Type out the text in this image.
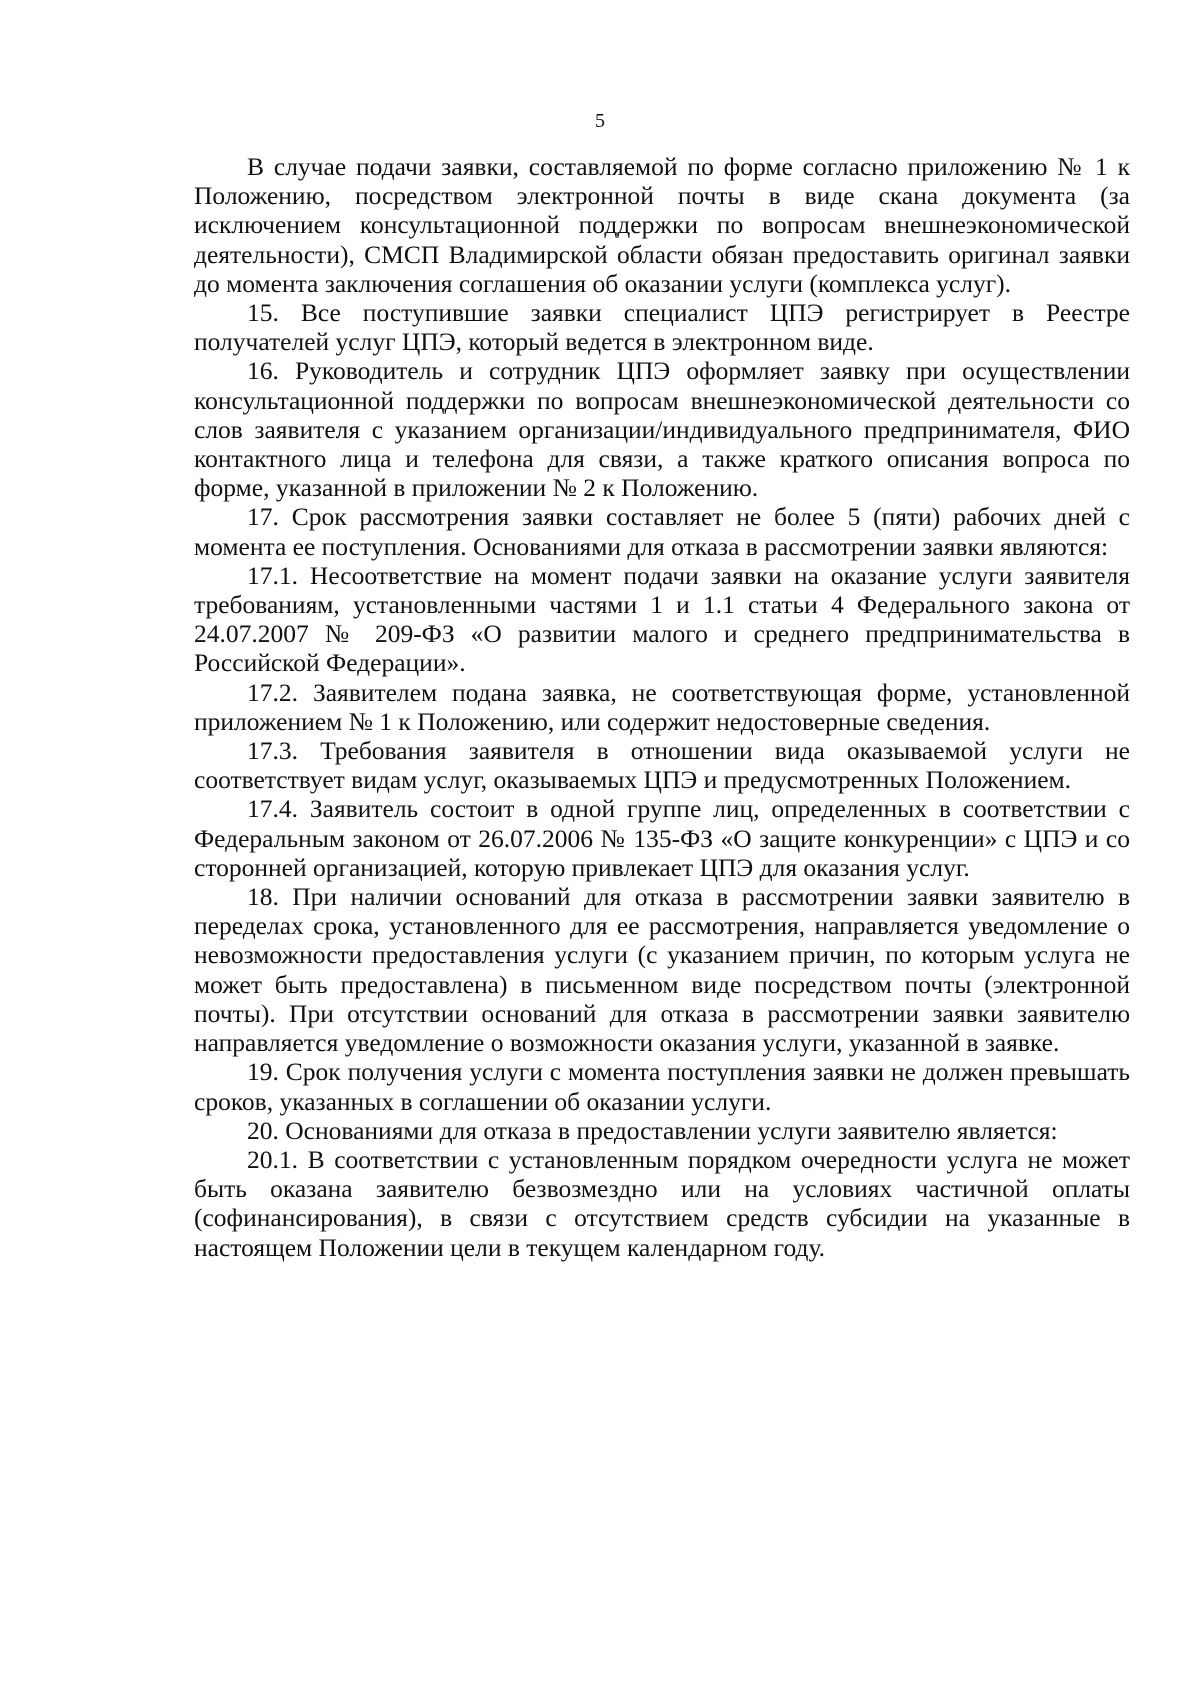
5

В случае подачи заявки, составляемой по форме согласно приложению № 1 к Положению, посредством электронной почты в виде скана документа (за исключением консультационной поддержки по вопросам внешнеэкономической деятельности), СМСП Владимирской области обязан предоставить оригинал заявки до момента заключения соглашения об оказании услуги (комплекса услуг).

15. Все поступившие заявки специалист ЦПЭ регистрирует в Реестре получателей услуг ЦПЭ, который ведется в электронном виде.

16. Руководитель и сотрудник ЦПЭ оформляет заявку при осуществлении консультационной поддержки по вопросам внешнеэкономической деятельности со слов заявителя с указанием организации/индивидуального предпринимателя, ФИО контактного лица и телефона для связи, а также краткого описания вопроса по форме, указанной в приложении № 2 к Положению.

17. Срок рассмотрения заявки составляет не более 5 (пяти) рабочих дней с момента ее поступления. Основаниями для отказа в рассмотрении заявки являются:

17.1. Несоответствие на момент подачи заявки на оказание услуги заявителя требованиям, установленными частями 1 и 1.1 статьи 4 Федерального закона от 24.07.2007 № 209-ФЗ «О развитии малого и среднего предпринимательства в Российской Федерации».

17.2. Заявителем подана заявка, не соответствующая форме, установленной приложением № 1 к Положению, или содержит недостоверные сведения.

17.3. Требования заявителя в отношении вида оказываемой услуги не соответствует видам услуг, оказываемых ЦПЭ и предусмотренных Положением.

17.4. Заявитель состоит в одной группе лиц, определенных в соответствии с Федеральным законом от 26.07.2006 № 135-ФЗ «О защите конкуренции» с ЦПЭ и со сторонней организацией, которую привлекает ЦПЭ для оказания услуг.

18. При наличии оснований для отказа в рассмотрении заявки заявителю в переделах срока, установленного для ее рассмотрения, направляется уведомление о невозможности предоставления услуги (с указанием причин, по которым услуга не может быть предоставлена) в письменном виде посредством почты (электронной почты). При отсутствии оснований для отказа в рассмотрении заявки заявителю направляется уведомление о возможности оказания услуги, указанной в заявке.

19. Срок получения услуги с момента поступления заявки не должен превышать сроков, указанных в соглашении об оказании услуги.

20. Основаниями для отказа в предоставлении услуги заявителю является:

20.1. В соответствии с установленным порядком очередности услуга не может быть оказана заявителю безвозмездно или на условиях частичной оплаты (софинансирования), в связи с отсутствием средств субсидии на указанные в настоящем Положении цели в текущем календарном году.
